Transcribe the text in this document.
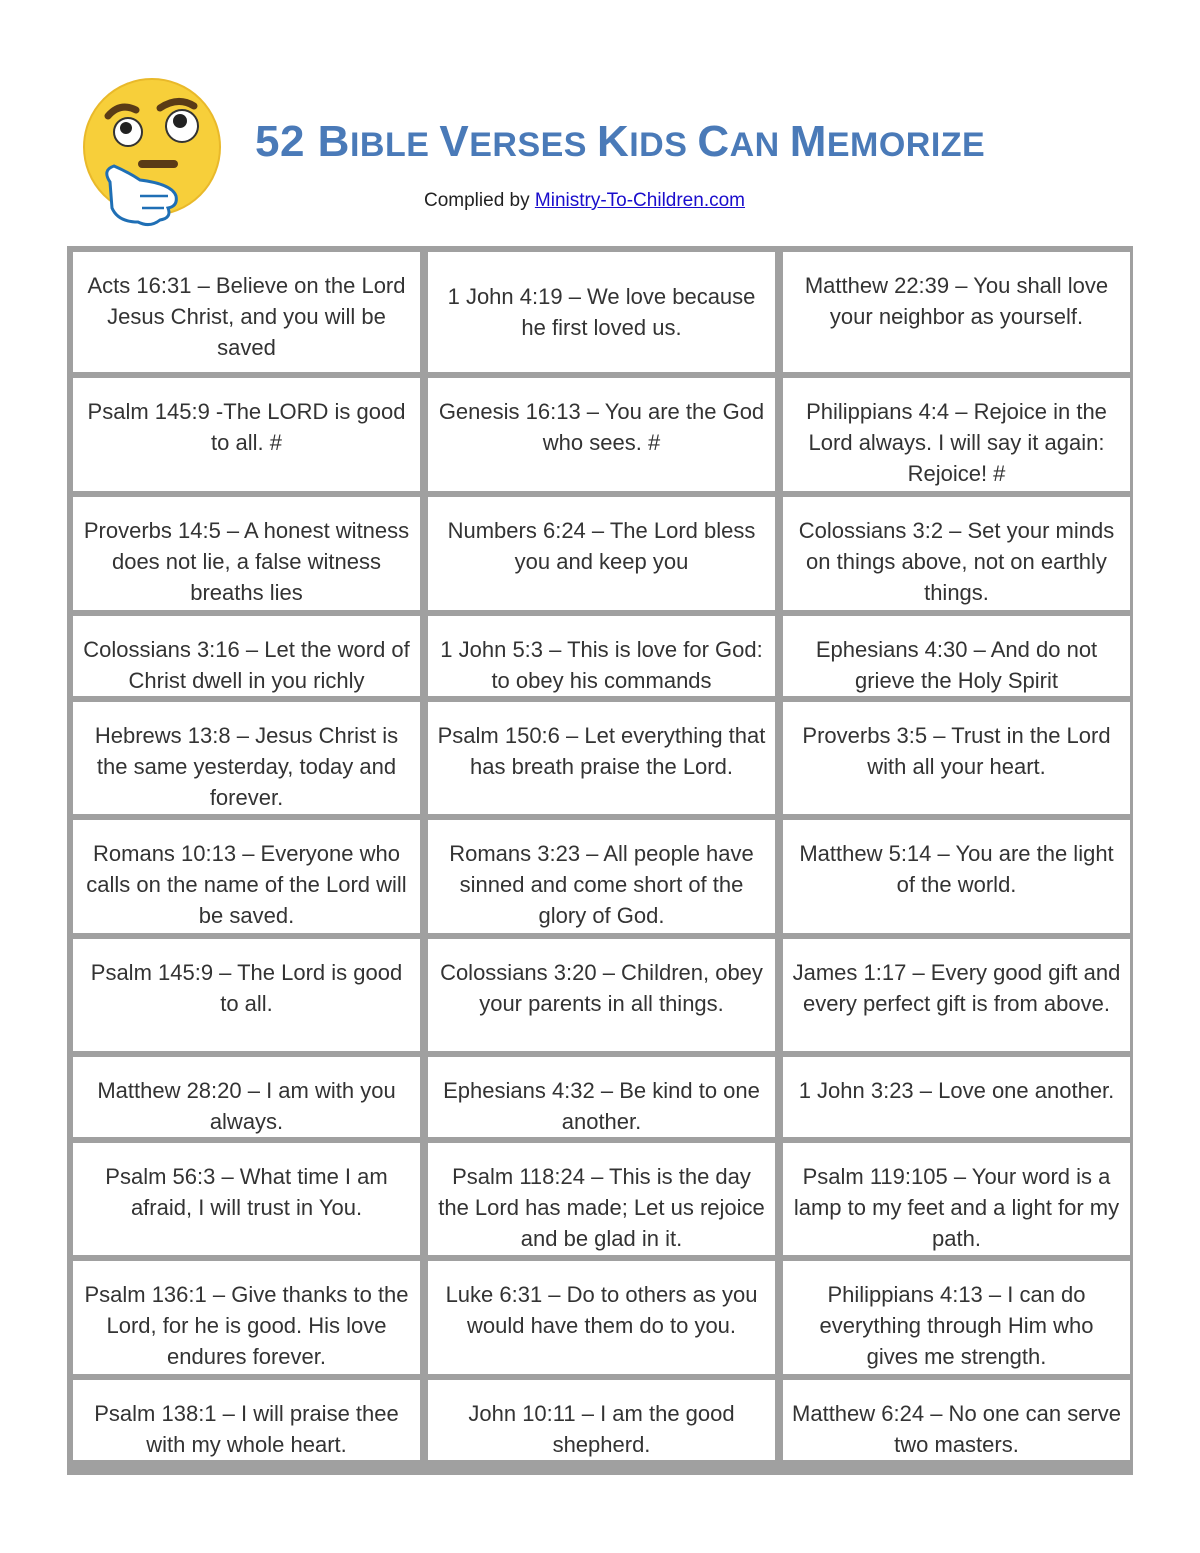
52 BIBLE VERSES KIDS CAN MEMORIZE
Complied by Ministry-To-Children.com
Acts 16:31 – Believe on the Lord Jesus Christ, and you will be saved
1 John 4:19 – We love because he first loved us.
Matthew 22:39 – You shall love your neighbor as yourself.
Psalm 145:9 -The LORD is good to all. #
Genesis 16:13 – You are the God who sees. #
Philippians 4:4 – Rejoice in the Lord always. I will say it again: Rejoice! #
Proverbs 14:5 – A honest witness does not lie, a false witness breaths lies
Numbers 6:24 – The Lord bless you and keep you
Colossians 3:2 – Set your minds on things above, not on earthly things.
Colossians 3:16 – Let the word of Christ dwell in you richly
1 John 5:3 – This is love for God: to obey his commands
Ephesians 4:30 – And do not grieve the Holy Spirit
Hebrews 13:8 – Jesus Christ is the same yesterday, today and forever.
Psalm 150:6 – Let everything that has breath praise the Lord.
Proverbs 3:5 – Trust in the Lord with all your heart.
Romans 10:13 – Everyone who calls on the name of the Lord will be saved.
Romans 3:23 – All people have sinned and come short of the glory of God.
Matthew 5:14 – You are the light of the world.
Psalm 145:9 – The Lord is good to all.
Colossians 3:20 – Children, obey your parents in all things.
James 1:17 – Every good gift and every perfect gift is from above.
Matthew 28:20 – I am with you always.
Ephesians 4:32 – Be kind to one another.
1 John 3:23 – Love one another.
Psalm 56:3 – What time I am afraid, I will trust in You.
Psalm 118:24 – This is the day the Lord has made; Let us rejoice and be glad in it.
Psalm 119:105 – Your word is a lamp to my feet and a light for my path.
Psalm 136:1 – Give thanks to the Lord, for he is good. His love endures forever.
Luke 6:31 – Do to others as you would have them do to you.
Philippians 4:13 – I can do everything through Him who gives me strength.
Psalm 138:1 – I will praise thee with my whole heart.
John 10:11 – I am the good shepherd.
Matthew 6:24 – No one can serve two masters.
